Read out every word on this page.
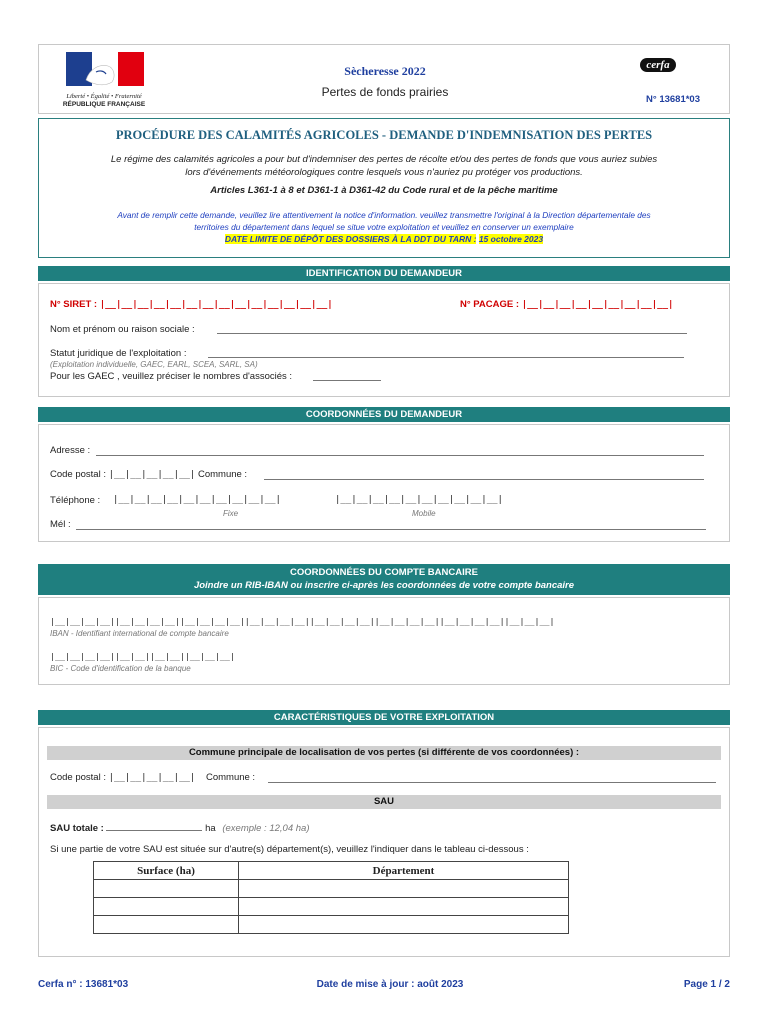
Liberté • Égalité • Fraternité
RÉPUBLIQUE FRANÇAISE
Sècheresse 2022
Pertes de fonds prairies
cerfa
N° 13681*03
PROCÉDURE DES CALAMITÉS AGRICOLES - DEMANDE D'INDEMNISATION DES PERTES
Le régime des calamités agricoles a pour but d'indemniser des pertes de récolte et/ou des pertes de fonds que vous auriez subies
lors d'événements météorologiques contre lesquels vous n'auriez pu protéger vos productions.
Articles L361-1 à 8 et D361-1 à D361-42 du Code rural et de la pêche maritime
Avant de remplir cette demande, veuillez lire attentivement la notice d'information. veuillez transmettre l'original à la Direction départementale des
territoires du département dans lequel se situe votre exploitation et veuillez en conserver un exemplaire
DATE LIMITE DE DÉPÔT DES DOSSIERS À LA DDT DU TARN : 15 octobre 2023
IDENTIFICATION DU DEMANDEUR
N° SIRET : |__|__|__|__|__|__|__|__|__|__|__|__|__|__|	N° PACAGE : |__|__|__|__|__|__|__|__|__|
Nom et prénom ou raison sociale :
Statut juridique de l'exploitation :
(Exploitation individuelle, GAEC, EARL, SCEA, SARL, SA)
Pour les GAEC , veuillez préciser le nombres d'associés :
COORDONNÉES DU DEMANDEUR
Adresse :
Code postal : |__|__|__|__|__| Commune :
Téléphone : |__|__|__|__|__|__|__|__|__|__|	|__|__|__|__|__|__|__|__|__|__|
Fixe	Mobile
Mél :
COORDONNÉES DU COMPTE BANCAIRE
Joindre un RIB-IBAN ou inscrire ci-après les coordonnées de votre compte bancaire
|__|__|__|__||__|__|__|__||__|__|__|__||__|__|__|__||__|__|__|__||__|__|__|__||__|__|__|__||__|__|__|
IBAN - Identifiant international de compte bancaire
|__|__|__|__||__|__||__|__||__|__|__|
BIC - Code d'identification de la banque
CARACTÉRISTIQUES DE VOTRE EXPLOITATION
Commune principale de localisation de vos pertes (si différente de vos coordonnées) :
Code postal : |__|__|__|__|__| Commune :
SAU
SAU totale :	ha (exemple : 12,04 ha)
Si une partie de votre SAU est située sur d'autre(s) département(s), veuillez l'indiquer dans le tableau ci-dessous :
Surface (ha)	Département

Cerfa n° : 13681*03	Date de mise à jour : août 2023	Page 1 / 2
